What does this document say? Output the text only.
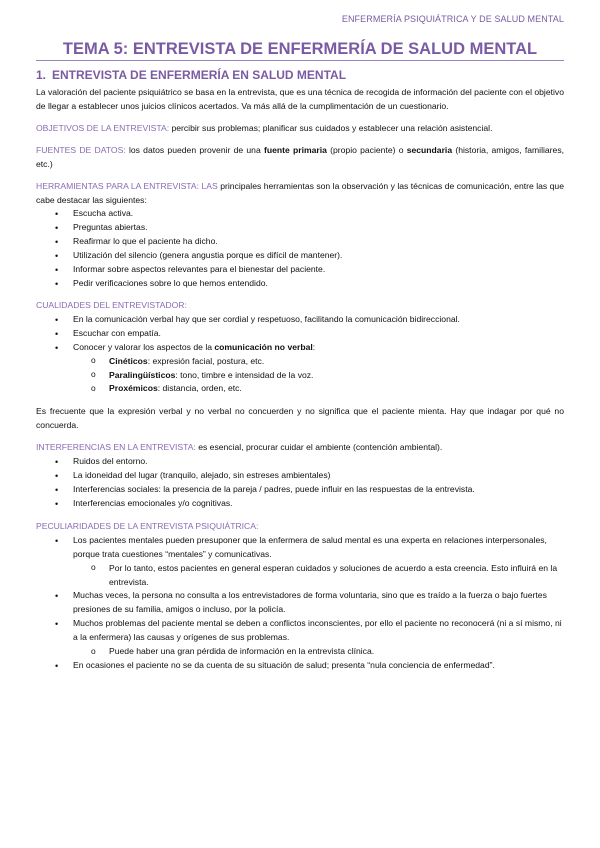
ENFERMERÍA PSIQUIÁTRICA Y DE SALUD MENTAL
TEMA 5: ENTREVISTA DE ENFERMERÍA DE SALUD MENTAL
1. ENTREVISTA DE ENFERMERÍA EN SALUD MENTAL

La valoración del paciente psiquiátrico se basa en la entrevista, que es una técnica de recogida de información del paciente con el objetivo de llegar a establecer unos juicios clínicos acertados. Va más allá de la cumplimentación de un cuestionario.

OBJETIVOS DE LA ENTREVISTA: percibir sus problemas; planificar sus cuidados y establecer una relación asistencial.

FUENTES DE DATOS: los datos pueden provenir de una fuente primaria (propio paciente) o secundaria (historia, amigos, familiares, etc.)

HERRAMIENTAS PARA LA ENTREVISTA: LAS principales herramientas son la observación y las técnicas de comunicación, entre las que cabe destacar las siguientes:

• Escucha activa.
• Preguntas abiertas.
• Reafirmar lo que el paciente ha dicho.
• Utilización del silencio (genera angustia porque es difícil de mantener).
• Informar sobre aspectos relevantes para el bienestar del paciente.
• Pedir verificaciones sobre lo que hemos entendido.

CUALIDADES DEL ENTREVISTADOR:

• En la comunicación verbal hay que ser cordial y respetuoso, facilitando la comunicación bidireccional.
• Escuchar con empatía.
• Conocer y valorar los aspectos de la comunicación no verbal:
o Cinéticos: expresión facial, postura, etc.
o Paralingüísticos: tono, timbre e intensidad de la voz.
o Proxémicos: distancia, orden, etc.

Es frecuente que la expresión verbal y no verbal no concuerden y no significa que el paciente mienta. Hay que indagar por qué no concuerda.

INTERFERENCIAS EN LA ENTREVISTA: es esencial, procurar cuidar el ambiente (contención ambiental).

• Ruidos del entorno.
• La idoneidad del lugar (tranquilo, alejado, sin estreses ambientales)
• Interferencias sociales: la presencia de la pareja / padres, puede influir en las respuestas de la entrevista.
• Interferencias emocionales y/o cognitivas.

PECULIARIDADES DE LA ENTREVISTA PSIQUIÁTRICA:

• Los pacientes mentales pueden presuponer que la enfermera de salud mental es una experta en relaciones interpersonales, porque trata cuestiones “mentales” y comunicativas.
o Por lo tanto, estos pacientes en general esperan cuidados y soluciones de acuerdo a esta creencia. Esto influirá en la entrevista.
• Muchas veces, la persona no consulta a los entrevistadores de forma voluntaria, sino que es traído a la fuerza o bajo fuertes presiones de su familia, amigos o incluso, por la policía.
• Muchos problemas del paciente mental se deben a conflictos inconscientes, por ello el paciente no reconocerá (ni a sí mismo, ni a la enfermera) las causas y orígenes de sus problemas.
o Puede haber una gran pérdida de información en la entrevista clínica.
• En ocasiones el paciente no se da cuenta de su situación de salud; presenta “nula conciencia de enfermedad”.
